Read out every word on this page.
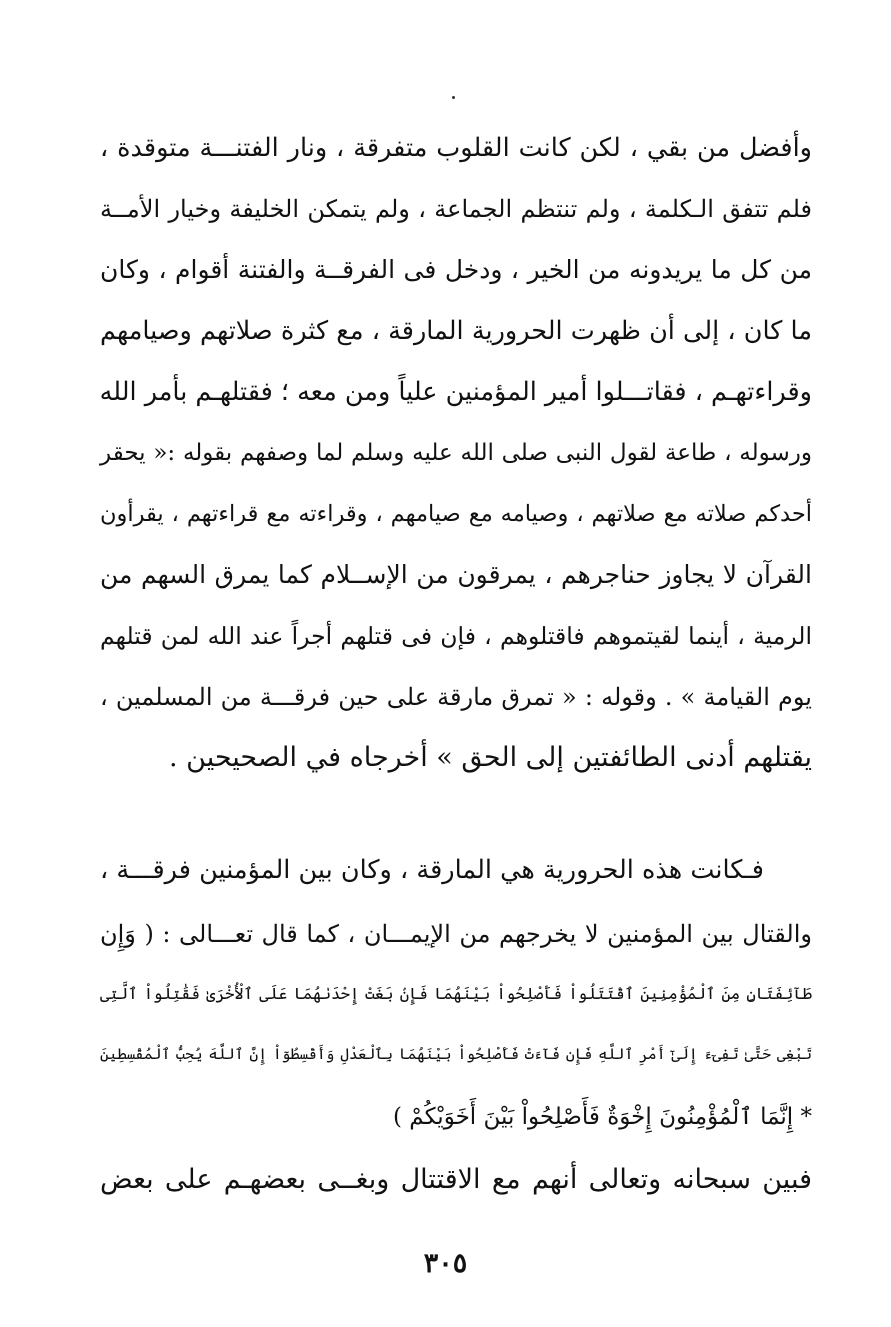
وأفضل من بقي ، لكن كانت القلوب متفرقة ، ونار الفتنـــة متوقدة ،
فلم تتفق الـكلمة ، ولم تنتظم الجماعة ، ولم يتمكن الخليفة وخيار الأمــة
من كل ما يريدونه من الخير ، ودخل فى الفرقــة والفتنة أقوام ، وكان
ما كان ، إلى أن ظهرت الحرورية المارقة ، مع كثرة صلاتهم وصيامهم
وقراءتهـم ، فقاتـــلوا أمير المؤمنين علياً ومن معه ؛ فقتلهـم بأمر الله
ورسوله ، طاعة لقول النبى صلى الله عليه وسلم لما وصفهم بقوله :« يحقر
أحدكم صلاته مع صلاتهم ، وصيامه مع صيامهم ، وقراءته مع قراءتهم ، يقرأون
القرآن لا يجاوز حناجرهم ، يمرقون من الإســلام كما يمرق السهم من
الرمية ، أينما لقيتموهم فاقتلوهم ، فإن فى قتلهم أجراً عند الله لمن قتلهم
يوم القيامة » . وقوله : « تمرق مارقة على حين فرقـــة من المسلمين ،
يقتلهم أدنى الطائفتين إلى الحق » أخرجاه في الصحيحين .
فـكانت هذه الحرورية هي المارقة ، وكان بين المؤمنين فرقـــة ،
والقتال بين المؤمنين لا يخرجهم من الإيمـــان ، كما قال تعـــالى : ( وَإِن
طَآئِفَتَانِ مِنَ ٱلْمُؤْمِنِينَ ٱقْتَتَلُواْ فَأَصْلِحُواْ بَيْنَهُمَا فَإِنۢ بَغَتْ إِحْدَىٰهُمَا عَلَى ٱلْأُخْرَىٰ فَقَٰتِلُواْ ٱلَّتِى
تَبْغِى حَتَّىٰ تَفِىٓءَ إِلَىٰٓ أَمْرِ ٱللَّهِ فَإِن فَآءَتْ فَأَصْلِحُواْ بَيْنَهُمَا بِٱلْعَدْلِ وَأَقْسِطُوٓاْ إِنَّ ٱللَّهَ يُحِبُّ ٱلْمُقْسِطِينَ
* إِنَّمَا ٱلْمُؤْمِنُونَ إِخْوَةٌ فَأَصْلِحُواْ بَيْنَ أَخَوَيْكُمْ )
فبين سبحانه وتعالى أنهم مع الاقتتال وبغــى بعضهـم على بعض
٣٠٥
